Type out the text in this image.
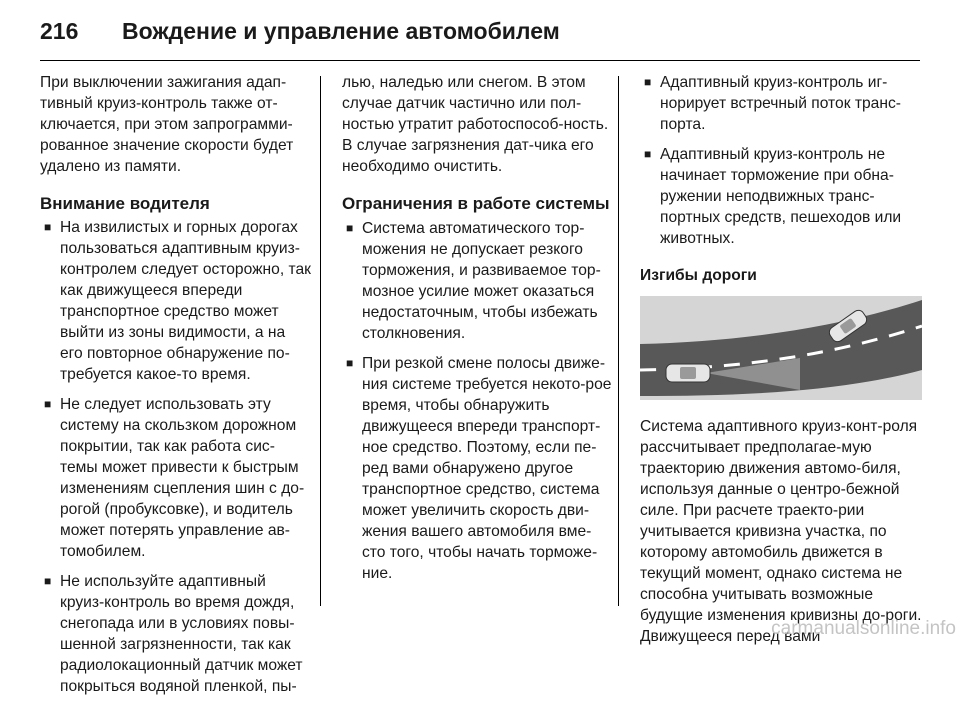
216 Вождение и управление автомобилем

При выключении зажигания адап-тивный круиз-контроль также от-ключается, при этом запрограмми-рованное значение скорости будет удалено из памяти.

Внимание водителя
■ На извилистых и горных дорогах пользоваться адаптивным круиз-контролем следует осторожно, так как движущееся впереди транспортное средство может выйти из зоны видимости, а на его повторное обнаружение по-требуется какое-то время.
■ Не следует использовать эту систему на скользком дорожном покрытии, так как работа сис-темы может привести к быстрым изменениям сцепления шин с до-рогой (пробуксовке), и водитель может потерять управление ав-томобилем.
■ Не используйте адаптивный круиз-контроль во время дождя, снегопада или в условиях повы-шенной загрязненности, так как радиолокационный датчик может покрыться водяной пленкой, пы-

лью, наледью или снегом. В этом случае датчик частично или пол-ностью утратит работоспособ-ность. В случае загрязнения дат-чика его необходимо очистить.

Ограничения в работе системы
■ Система автоматического тор-можения не допускает резкого торможения, и развиваемое тор-мозное усилие может оказаться недостаточным, чтобы избежать столкновения.
■ При резкой смене полосы движе-ния системе требуется некото-рое время, чтобы обнаружить движущееся впереди транспорт-ное средство. Поэтому, если пе-ред вами обнаружено другое транспортное средство, система может увеличить скорость дви-жения вашего автомобиля вме-сто того, чтобы начать торможе-ние.
■ Адаптивный круиз-контроль иг-норирует встречный поток транс-порта.
■ Адаптивный круиз-контроль не начинает торможение при обна-ружении неподвижных транс-портных средств, пешеходов или животных.
Изгибы дороги

Система адаптивного круиз-конт-роля рассчитывает предполагае-мую траекторию движения автомо-биля, используя данные о центро-бежной силе. При расчете траекто-рии учитывается кривизна участка, по которому автомобиль движется в текущий момент, однако система не способна учитывать возможные будущие изменения кривизны до-роги. Движущееся перед вами

carmanualsonline.info
